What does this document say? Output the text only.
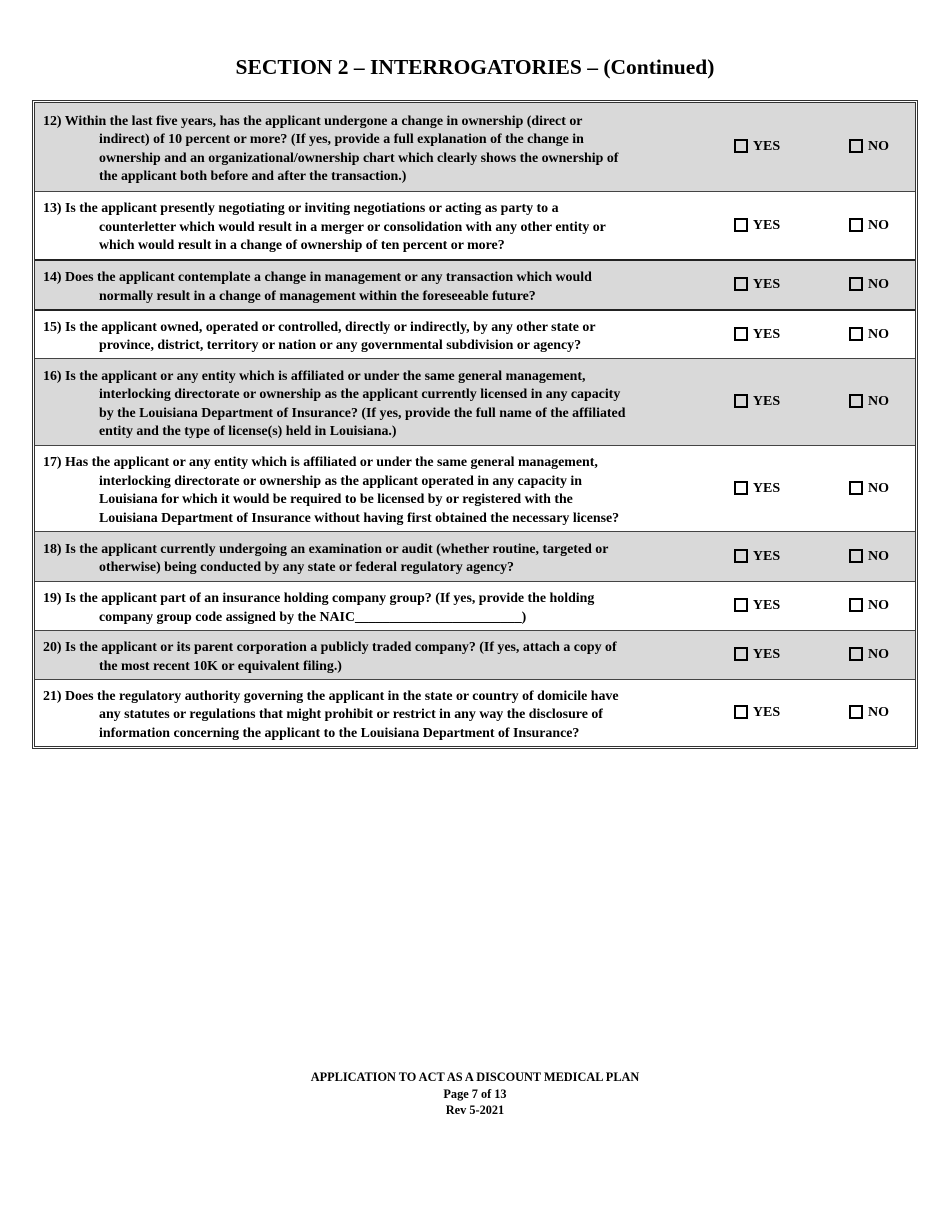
SECTION 2 – INTERROGATORIES – (Continued)
12) Within the last five years, has the applicant undergone a change in ownership (direct or
indirect) of 10 percent or more? (If yes, provide a full explanation of the change in
ownership and an organizational/ownership chart which clearly shows the ownership of
the applicant both before and after the transaction.)
YES	NO
13) Is the applicant presently negotiating or inviting negotiations or acting as party to a
counterletter which would result in a merger or consolidation with any other entity or
which would result in a change of ownership of ten percent or more?
YES	NO
14) Does the applicant contemplate a change in management or any transaction which would
normally result in a change of management within the foreseeable future?
YES	NO
15) Is the applicant owned, operated or controlled, directly or indirectly, by any other state or
province, district, territory or nation or any governmental subdivision or agency?
YES	NO
16) Is the applicant or any entity which is affiliated or under the same general management,
interlocking directorate or ownership as the applicant currently licensed in any capacity
by the Louisiana Department of Insurance? (If yes, provide the full name of the affiliated
entity and the type of license(s) held in Louisiana.)
YES	NO
17) Has the applicant or any entity which is affiliated or under the same general management,
interlocking directorate or ownership as the applicant operated in any capacity in
Louisiana for which it would be required to be licensed by or registered with the
Louisiana Department of Insurance without having first obtained the necessary license?
YES	NO
18) Is the applicant currently undergoing an examination or audit (whether routine, targeted or
otherwise) being conducted by any state or federal regulatory agency?
YES	NO
19) Is the applicant part of an insurance holding company group? (If yes, provide the holding
company group code assigned by the NAIC________________________)
YES	NO
20) Is the applicant or its parent corporation a publicly traded company? (If yes, attach a copy of
the most recent 10K or equivalent filing.)
YES	NO
21) Does the regulatory authority governing the applicant in the state or country of domicile have
any statutes or regulations that might prohibit or restrict in any way the disclosure of
information concerning the applicant to the Louisiana Department of Insurance?
YES	NO
APPLICATION TO ACT AS A DISCOUNT MEDICAL PLAN
Page 7 of 13
Rev 5-2021
